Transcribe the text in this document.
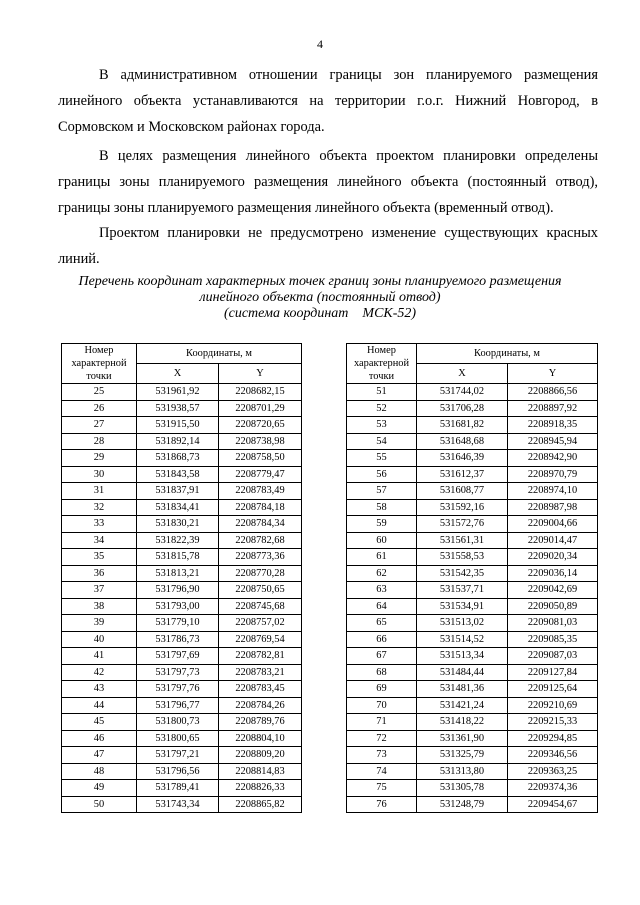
4
В административном отношении границы зон планируемого размещения
линейного объекта устанавливаются на территории г.о.г. Нижний Новгород, в
Сормовском и Московском районах города.
В целях размещения линейного объекта проектом планировки определены
границы зоны планируемого размещения линейного объекта (постоянный отвод),
границы зоны планируемого размещения линейного объекта (временный отвод).
Проектом планировки не предусмотрено изменение существующих красных
линий.
Перечень координат характерных точек границ зоны планируемого размещения
линейного объекта (постоянный отвод)
(система координат    МСК-52)
Номер характерной точки	Координаты, м	
	X	Y
25	531961,92	2208682,15
26	531938,57	2208701,29
27	531915,50	2208720,65
28	531892,14	2208738,98
29	531868,73	2208758,50
30	531843,58	2208779,47
31	531837,91	2208783,49
32	531834,41	2208784,18
33	531830,21	2208784,34
34	531822,39	2208782,68
35	531815,78	2208773,36
36	531813,21	2208770,28
37	531796,90	2208750,65
38	531793,00	2208745,68
39	531779,10	2208757,02
40	531786,73	2208769,54
41	531797,69	2208782,81
42	531797,73	2208783,21
43	531797,76	2208783,45
44	531796,77	2208784,26
45	531800,73	2208789,76
46	531800,65	2208804,10
47	531797,21	2208809,20
48	531796,56	2208814,83
49	531789,41	2208826,33
50	531743,34	2208865,82
Номер характерной точки	Координаты, м	
	X	Y
51	531744,02	2208866,56
52	531706,28	2208897,92
53	531681,82	2208918,35
54	531648,68	2208945,94
55	531646,39	2208942,90
56	531612,37	2208970,79
57	531608,77	2208974,10
58	531592,16	2208987,98
59	531572,76	2209004,66
60	531561,31	2209014,47
61	531558,53	2209020,34
62	531542,35	2209036,14
63	531537,71	2209042,69
64	531534,91	2209050,89
65	531513,02	2209081,03
66	531514,52	2209085,35
67	531513,34	2209087,03
68	531484,44	2209127,84
69	531481,36	2209125,64
70	531421,24	2209210,69
71	531418,22	2209215,33
72	531361,90	2209294,85
73	531325,79	2209346,56
74	531313,80	2209363,25
75	531305,78	2209374,36
76	531248,79	2209454,67
